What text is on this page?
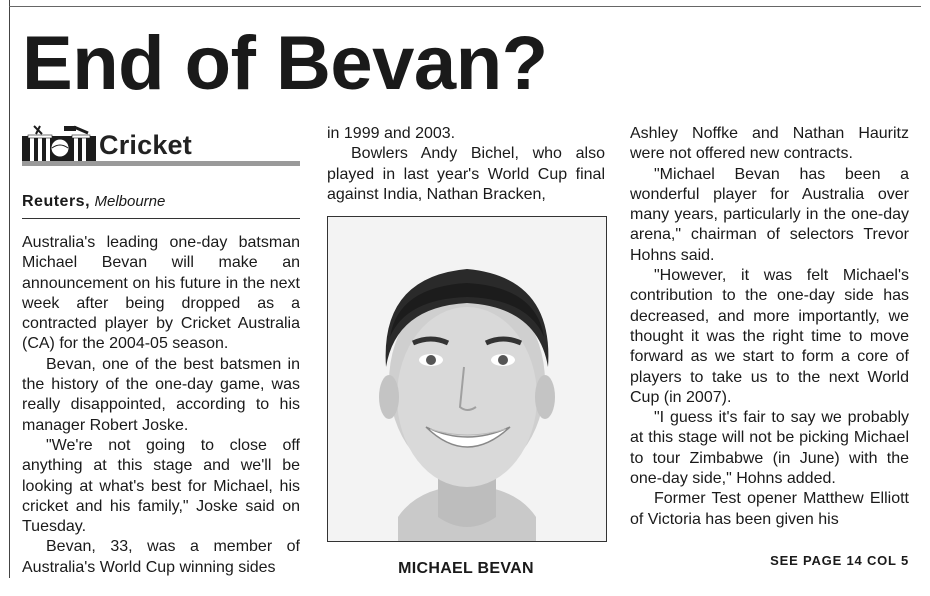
End of Bevan?
Cricket
Reuters, Melbourne

Australia's leading one-day batsman Michael Bevan will make an announcement on his future in the next week after being dropped as a contracted player by Cricket Australia (CA) for the 2004-05 season.

Bevan, one of the best batsmen in the history of the one-day game, was really disappointed, according to his manager Robert Joske.

"We're not going to close off anything at this stage and we'll be looking at what's best for Michael, his cricket and his family," Joske said on Tuesday.

Bevan, 33, was a member of Australia's World Cup winning sides

in 1999 and 2003.

Bowlers Andy Bichel, who also played in last year's World Cup final against India, Nathan Bracken,

MICHAEL BEVAN

Ashley Noffke and Nathan Hauritz were not offered new contracts.

"Michael Bevan has been a wonderful player for Australia over many years, particularly in the one-day arena," chairman of selectors Trevor Hohns said.

"However, it was felt Michael's contribution to the one-day side has decreased, and more importantly, we thought it was the right time to move forward as we start to form a core of players to take us to the next World Cup (in 2007).

"I guess it's fair to say we probably at this stage will not be picking Michael to tour Zimbabwe (in June) with the one-day side," Hohns added.

Former Test opener Matthew Elliott of Victoria has been given his

SEE PAGE 14 COL 5
